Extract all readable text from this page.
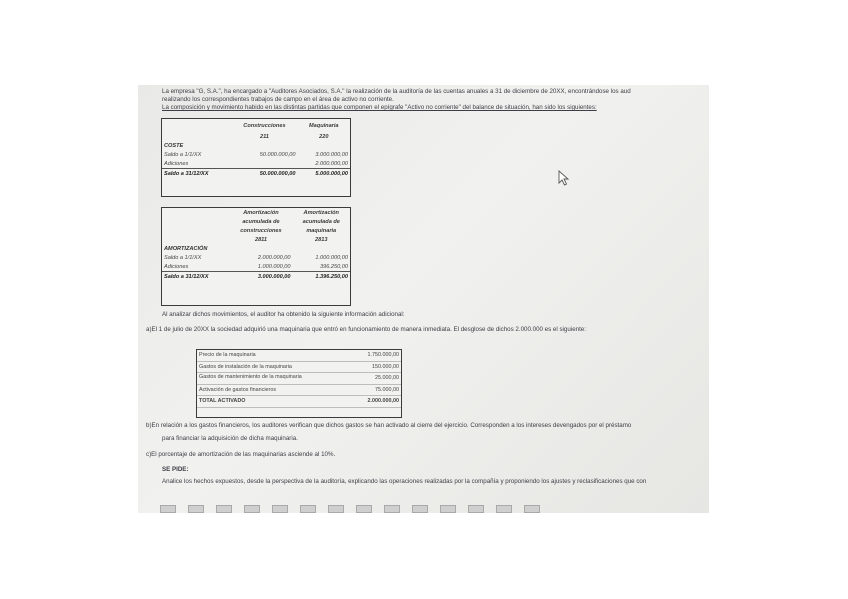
La empresa "G, S.A.", ha encargado a "Auditores Asociados, S.A." la realización de la auditoría de las cuentas anuales a 31 de diciembre de 20XX, encontrándose los aud
realizando los correspondientes trabajos de campo en el área de activo no corriente.
La composición y movimiento habido en las distintas partidas que componen el epígrafe "Activo no corriente" del balance de situación, han sido los siguientes:
	Construcciones	Maquinaria
	211	220
COSTE		
Saldo a 1/1/XX	50.000.000,00	3.000.000,00
Adiciones		2.000.000,00
Saldo a 31/12/XX	50.000.000,00	5.000.000,00
	Amortización	Amortización
	acumulada de	acumulada de
	construcciones	maquinaria
	2811	2813
AMORTIZACIÓN		
Saldo a 1/1/XX	2.000.000,00	1.000.000,00
Adiciones	1.000.000,00	396.250,00
Saldo a 31/12/XX	3.000.000,00	1.396.250,00
Al analizar dichos movimientos, el auditor ha obtenido la siguiente información adicional:
a)El 1 de julio de 20XX la sociedad adquirió una maquinaria que entró en funcionamiento de manera inmediata. El desglose de dichos 2.000.000 es el siguiente:
Precio de la maquinaria	1.750.000,00
Gastos de instalación de la maquinaria	150.000,00
Gastos de mantenimiento de la maquinaria	25.000,00
Activación de gastos financieros	75.000,00
TOTAL ACTIVADO	2.000.000,00
b)En relación a los gastos financieros, los auditores verifican que dichos gastos se han activado al cierre del ejercicio. Corresponden a los intereses devengados por el préstamo
para financiar la adquisición de dicha maquinaria.
c)El porcentaje de amortización de las maquinarias asciende al 10%.
SE PIDE:
Analice los hechos expuestos, desde la perspectiva de la auditoría, explicando las operaciones realizadas por la compañía y proponiendo los ajustes y reclasificaciones que con
